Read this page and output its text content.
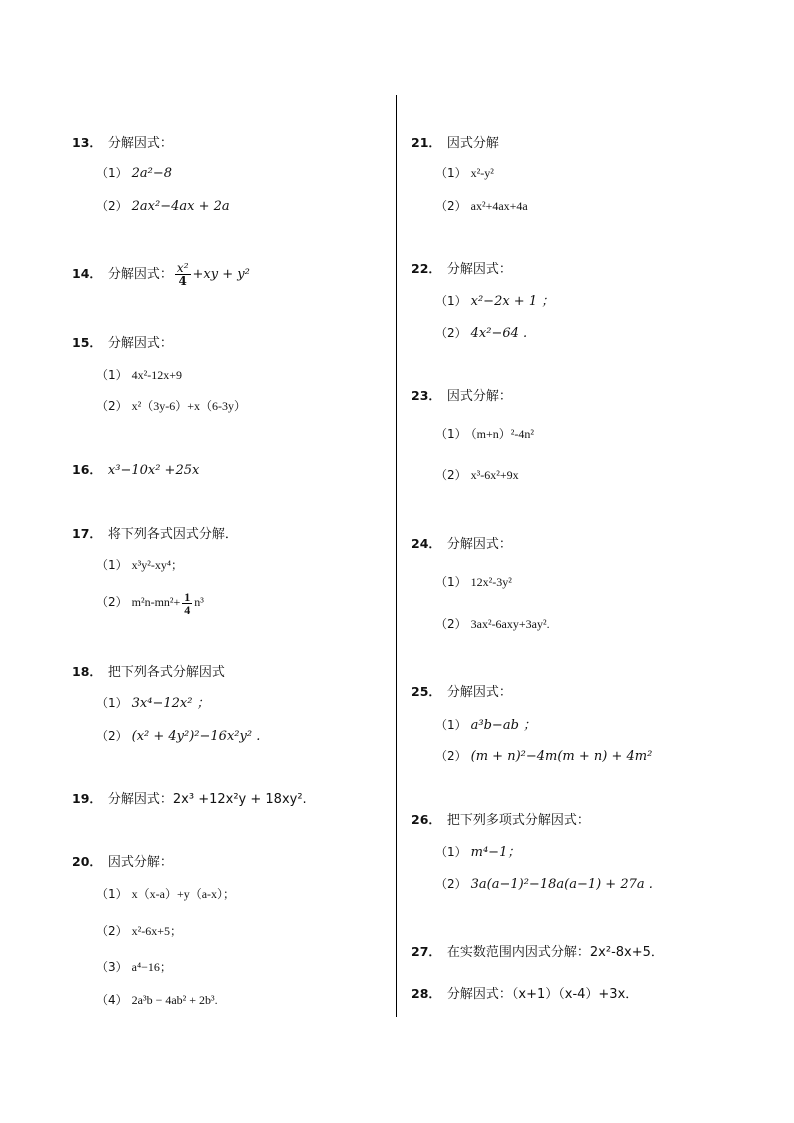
13． 分解因式：
（1） 2a²−8
（2） 2ax²−4ax + 2a
14． 分解因式： $\frac{\text{x²}}{4} +xy + y^2$
15． 分解因式：
（1） 4x²-12x+9
（2） x²（3y-6）+x（6-3y）
16． x³−10x² +25x
17． 将下列各式因式分解．
（1） x³y²-xy⁴；
（2） $m^2n-mn^2+ \frac{1}{4} n^3$
18． 把下列各式分解因式
（1） 3x⁴−12x² ；
（2） (x² + 4y²)²−16x²y² .
19． 分解因式：2x³ +12x²y + 18xy².
20． 因式分解：
（1） x（x-a）+y（a-x）；
（2） x²-6x+5；
（3） a⁴−16；
（4） 2a³b − 4ab² + 2b³.
21． 因式分解
（1） x²-y²
（2） ax²+4ax+4a
22． 分解因式：
（1） x²−2x + 1 ；
（2） 4x²−64 .
23． 因式分解：
（1） （m+n）²-4n²
（2） x³-6x²+9x
24． 分解因式：
（1） 12x²-3y²
（2） 3ax²-6axy+3ay².
25． 分解因式：
（1） a³b−ab ；
（2） (m + n)²−4m(m + n) + 4m²
26． 把下列多项式分解因式：
（1） m⁴−1；
（2） 3a(a−1)²−18a(a−1) + 27a .
27． 在实数范围内因式分解：2x²-8x+5．
28． 分解因式：（x+1）（x-4）+3x．
